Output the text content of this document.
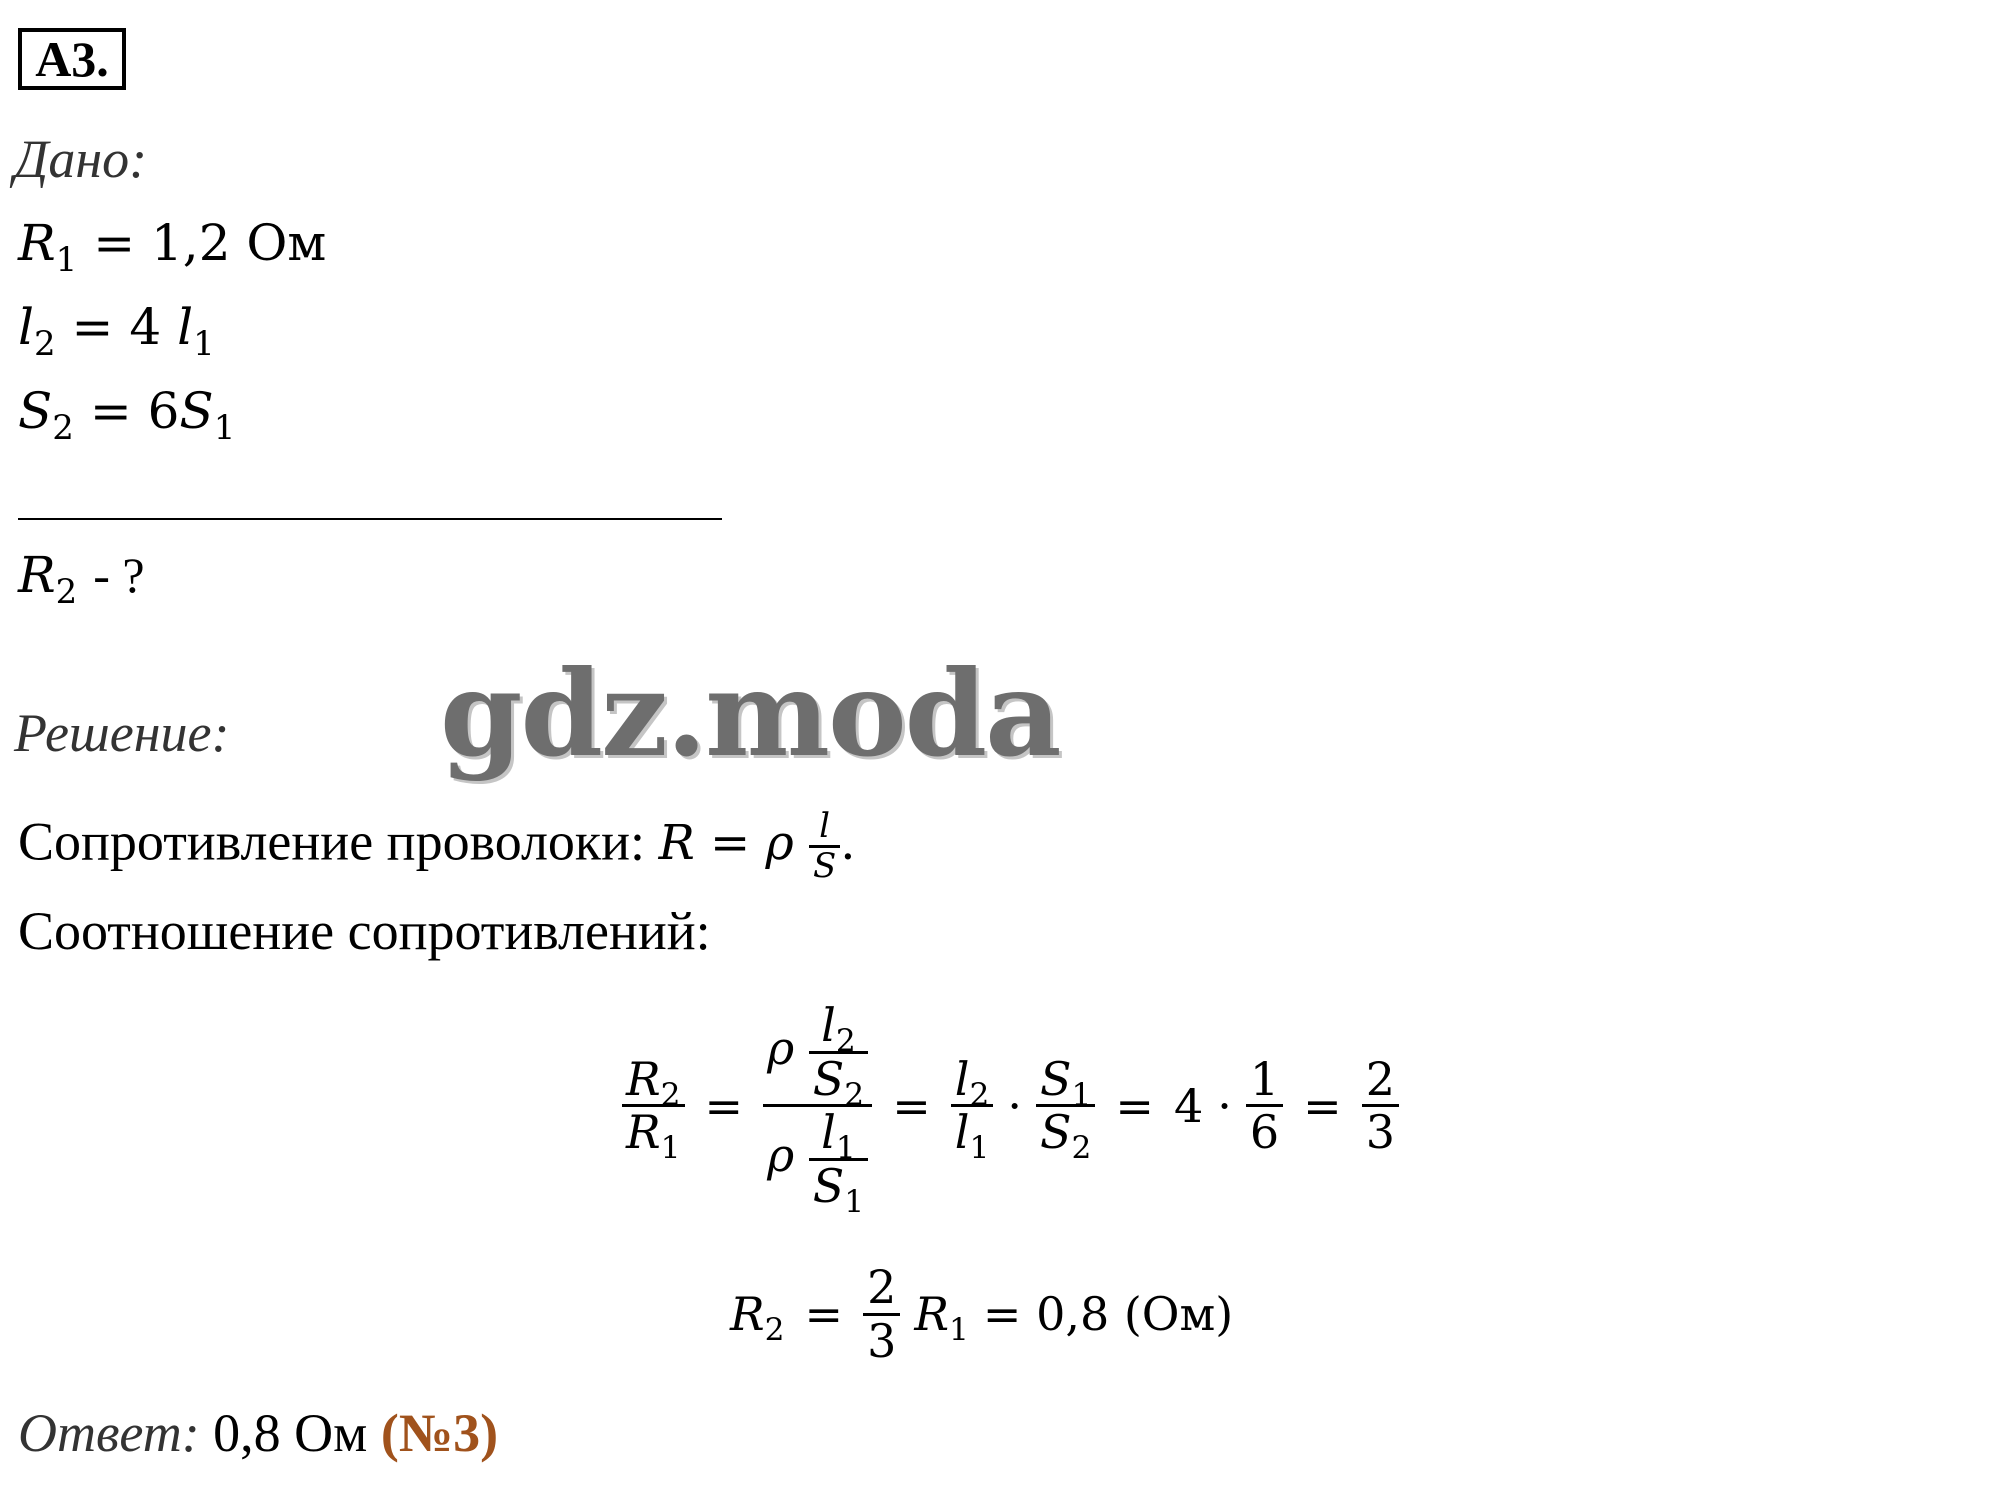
А3.
Дано:
$R_1 = 1,2$ Ом
$l_2 = 4$ $l_1$
$S_2 = 6S_1$
$R_2$ - ?
Решение: gdz.moda
Сопротивление проволоки: R = ρ $\frac{l}{S}$ .
Соотношение сопротивлений:
$\frac{R_2}{R_1} = \frac{\rho \frac{l_2}{S_2}}{\rho \frac{l_1}{S_1}} = \frac{l_2}{l_1} \cdot \frac{S_1}{S_2} = 4 \cdot \frac{1}{6} = \frac{2}{3}$
$R_2 = \frac{2}{3} R_1 = 0,8$ (Ом)
Ответ: 0,8 Ом (№3)
